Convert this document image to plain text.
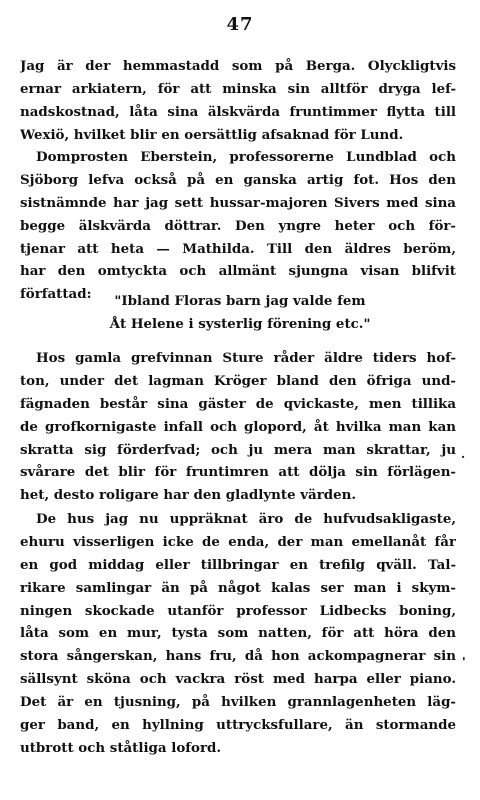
47
Jag är der hemmastadd som på Berga. Olyckligtvis
ernar arkiatern, för att minska sin alltför dryga lef-
nadskostnad, låta sina älskvärda fruntimmer flytta till
Wexiö, hvilket blir en oersättlig afsaknad för Lund.
Domprosten Eberstein, professorerne Lundblad och
Sjöborg lefva också på en ganska artig fot. Hos den
sistnämnde har jag sett hussar-majoren Sivers med sina
begge älskvärda döttrar. Den yngre heter och för-
tjenar att heta — Mathilda. Till den äldres beröm,
har den omtyckta och allmänt sjungna visan blifvit
författad:	"Ibland Floras barn jag valde fem
Åt Helene i systerlig förening etc."
Hos gamla grefvinnan Sture råder äldre tiders hof-
ton, under det lagman Kröger bland den öfriga und-
fägnaden består sina gäster de qvickaste, men tillika
de grofkornigaste infall och glopord, åt hvilka man kan
skratta sig förderfvad; och ju mera man skrattar, ju
svårare det blir för fruntimren att dölja sin förlägen-
het, desto roligare har den gladlynte värden.
De hus jag nu uppräknat äro de hufvudsakligaste,
ehuru visserligen icke de enda, der man emellanåt får
en god middag eller tillbringar en trefilg qväll. Tal-
rikare samlingar än på något kalas ser man i skym-
ningen skockade utanför professor Lidbecks boning,
låta som en mur, tysta som natten, för att höra den
stora sångerskan, hans fru, då hon ackompagnerar sin
sällsynt sköna och vackra röst med harpa eller piano.
Det är en tjusning, på hvilken grannlagenheten läg-
ger band, en hyllning uttrycksfullare, än stormande
utbrott och ståtliga loford.
·
'
